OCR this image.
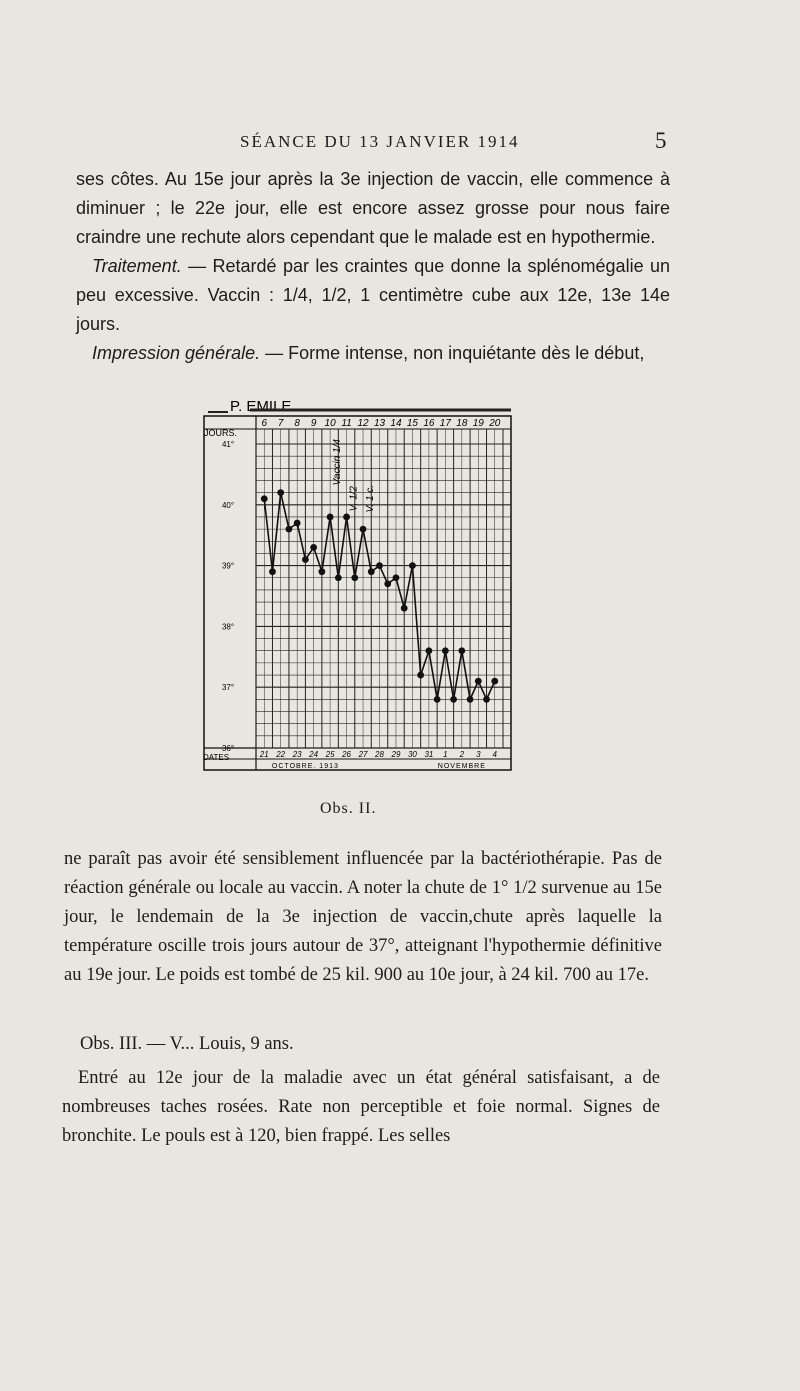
SÉANCE DU 13 JANVIER 1914	5

ses côtes. Au 15e jour après la 3e injection de vaccin, elle commence à diminuer ; le 22e jour, elle est encore assez grosse pour nous faire craindre une rechute alors cependant que le malade est en hypothermie.

Traitement. — Retardé par les craintes que donne la splénomégalie un peu excessive. Vaccin : 1/4, 1/2, 1 centimètre cube aux 12e, 13e 14e jours.

Impression générale. — Forme intense, non inquiétante dès le début,

P. EMILE
JOURS.
DATES
6 7 8 9 10 11 12 13 14 15 16 17 18 19 20
21 22 23 24 25 26 27 28 29 30 31 1 2 3 4
OCTOBRE. 1913	NOVEMBRE
41°
40°
39°
38°
37°
36°
Vaccin 1/4
V. 1/2 V. 1 c.
Obs. II.

ne paraît pas avoir été sensiblement influencée par la bactériothérapie. Pas de réaction générale ou locale au vaccin. A noter la chute de 1° 1/2 survenue au 15e jour, le lendemain de la 3e injection de vaccin,chute après laquelle la température oscille trois jours autour de 37°, atteignant l'hypothermie définitive au 19e jour. Le poids est tombé de 25 kil. 900 au 10e jour, à 24 kil. 700 au 17e.

Obs. III. — V... Louis, 9 ans.

Entré au 12e jour de la maladie avec un état général satisfaisant, a de nombreuses taches rosées. Rate non perceptible et foie normal. Signes de bronchite. Le pouls est à 120, bien frappé. Les selles
